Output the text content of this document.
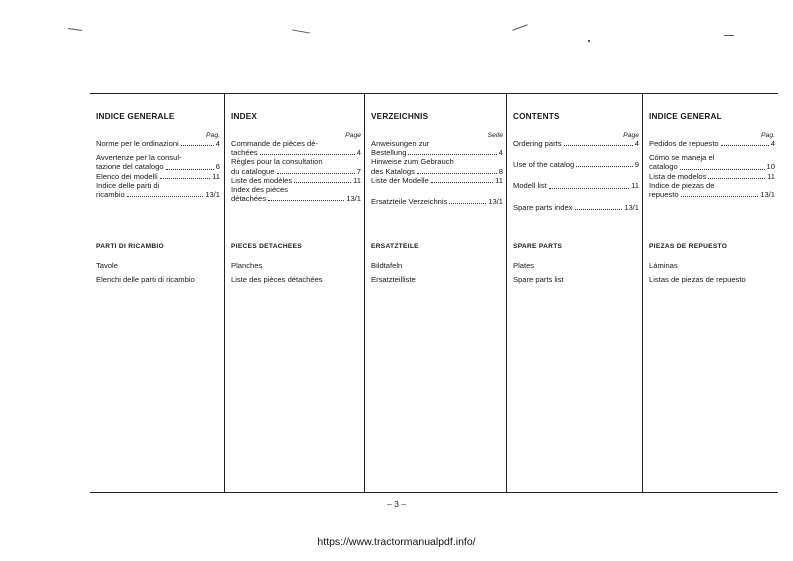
INDICE GENERALE
Pag.
Norme per le ordinazioni	4
Avvertenze per la consul-
tazione del catalogo	6
Elenco dei modelli	11
Indice delle parti di
ricambio	13/1
PARTI DI RICAMBIO
Tavole
Elenchi delle parti di ricambio
INDEX
Page
Commande de pièces dé-
tachées	4
Règles pour la consultation
du catalogue	7
Liste des modèles	11
Index des pièces
détachées	13/1
PIECES DETACHEES
Planches
Liste des pièces détachées
VERZEICHNIS
Seite
Anweisungen zur
Bestellung	4
Hinweise zum Gebrauch
des Katalogs	8
Liste der Modelle	11
Ersatzteile Verzeichnis	13/1
ERSATZTEILE
Bildtafeln
Ersatzteilliste
CONTENTS
Page
Ordering parts	4
Use of the catalog	9
Modell list	11
Spare parts index	13/1
SPARE PARTS
Plates
Spare parts list
INDICE GENERAL
Pag.
Pedidos de repuesto	4
Cómo se maneja el
catalogo	10
Lista de modelos	11
Indice de piezas de
repuesto	13/1
PIEZAS DE REPUESTO
Láminas
Listas de piezas de repuesto
– 3 –
https://www.tractormanualpdf.info/
